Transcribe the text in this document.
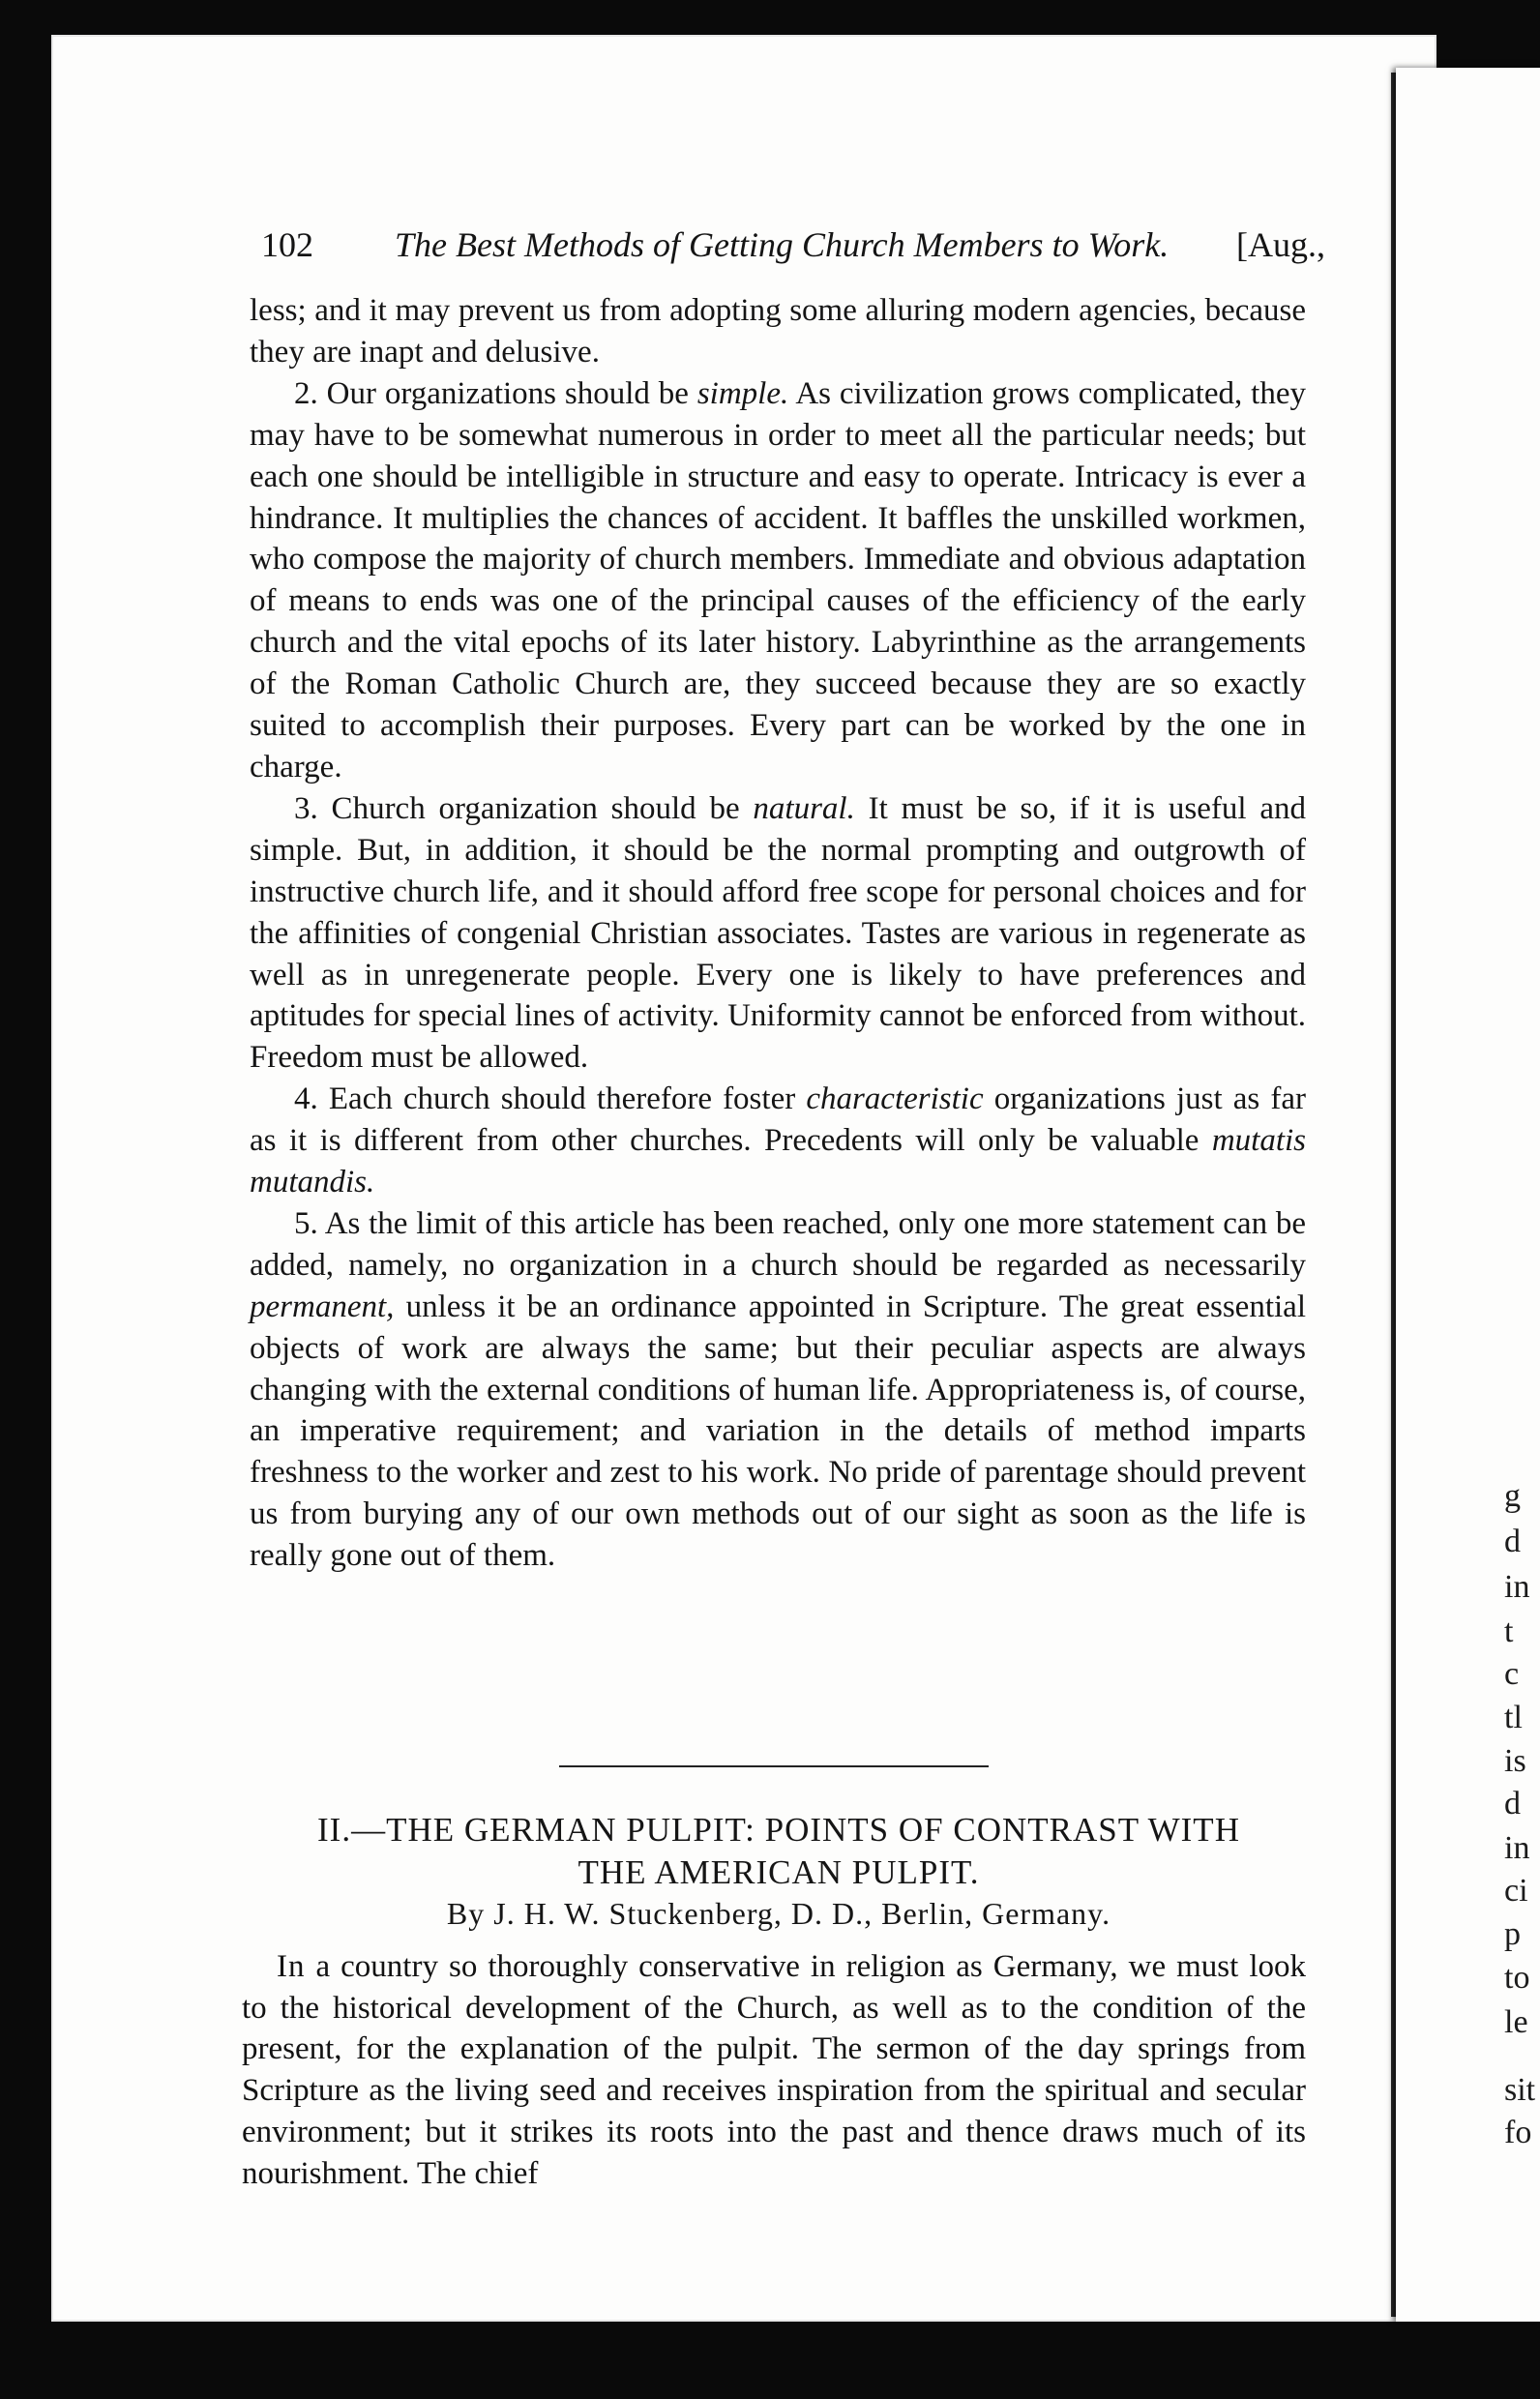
g
d
in
t
c
tl
is
d
in
ci
p
to
le
sit
fo
102 The Best Methods of Getting Church Members to Work. [Aug.,

less; and it may prevent us from adopting some alluring modern agencies, because they are inapt and delusive.

2. Our organizations should be simple. As civilization grows complicated, they may have to be somewhat numerous in order to meet all the particular needs; but each one should be intelligible in structure and easy to operate. Intricacy is ever a hindrance. It multiplies the chances of accident. It baffles the unskilled workmen, who compose the majority of church members. Immediate and obvious adaptation of means to ends was one of the principal causes of the efficiency of the early church and the vital epochs of its later history. Labyrinthine as the arrangements of the Roman Catholic Church are, they succeed because they are so exactly suited to accomplish their purposes. Every part can be worked by the one in charge.

3. Church organization should be natural. It must be so, if it is useful and simple. But, in addition, it should be the normal prompting and outgrowth of instructive church life, and it should afford free scope for personal choices and for the affinities of congenial Christian associates. Tastes are various in regenerate as well as in unregenerate people. Every one is likely to have preferences and aptitudes for special lines of activity. Uniformity cannot be enforced from without. Freedom must be allowed.

4. Each church should therefore foster characteristic organizations just as far as it is different from other churches. Precedents will only be valuable mutatis mutandis.

5. As the limit of this article has been reached, only one more statement can be added, namely, no organization in a church should be regarded as necessarily permanent, unless it be an ordinance appointed in Scripture. The great essential objects of work are always the same; but their peculiar aspects are always changing with the external conditions of human life. Appropriateness is, of course, an imperative requirement; and variation in the details of method imparts freshness to the worker and zest to his work. No pride of parentage should prevent us from burying any of our own methods out of our sight as soon as the life is really gone out of them.

II.—THE GERMAN PULPIT: POINTS OF CONTRAST WITH
THE AMERICAN PULPIT.
By J. H. W. Stuckenberg, D. D., Berlin, Germany.

In a country so thoroughly conservative in religion as Germany, we must look to the historical development of the Church, as well as to the condition of the present, for the explanation of the pulpit. The sermon of the day springs from Scripture as the living seed and receives inspiration from the spiritual and secular environment; but it strikes its roots into the past and thence draws much of its nourishment. The chief
